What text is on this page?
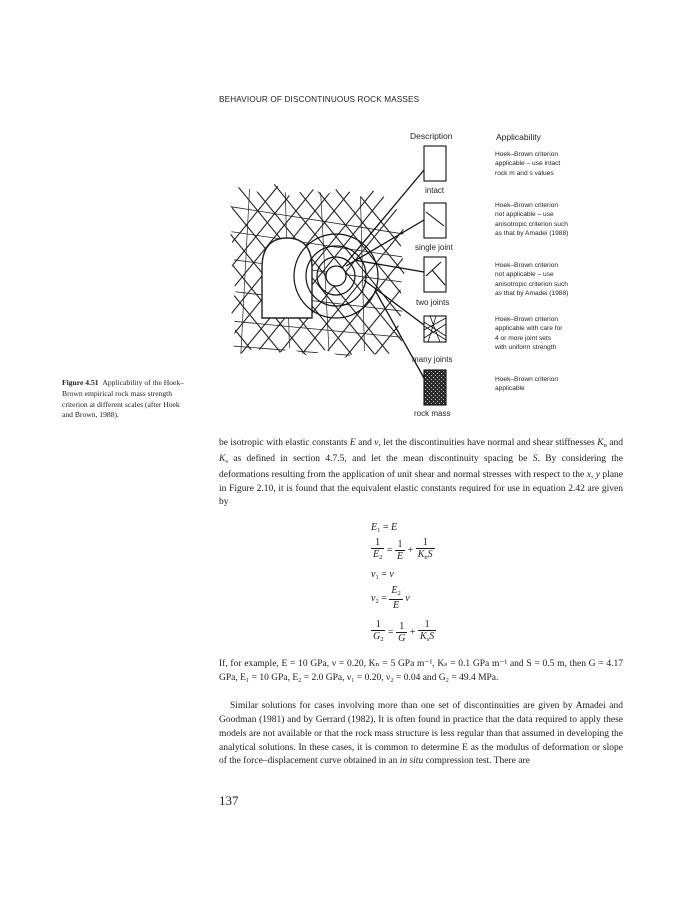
BEHAVIOUR OF DISCONTINUOUS ROCK MASSES
Description	Applicability
intact
single joint
two joints
many joints
rock mass
Hoek–Brown criterion
applicable – use intact
rock m and s values
Hoek–Brown criterion
not applicable – use
anisotropic criterion such
as that by Amadei (1988)
Hoek–Brown criterion
not applicable – use
anisotropic criterion such
as that by Amadei (1988)
Hoek–Brown criterion
applicable with care for
4 or more joint sets
with uniform strength
Hoek–Brown criterion
applicable
Figure 4.51 Applicability of the Hoek–Brown empirical rock mass strength criterion at different scales (after Hoek and Brown, 1988).

be isotropic with elastic constants E and ν, let the discontinuities have normal and shear stiffnesses $K_n$ and $K_s$ as defined in section 4.7.5, and let the mean discontinuity spacing be S. By considering the deformations resulting from the application of unit shear and normal stresses with respect to the x, y plane in Figure 2.10, it is found that the equivalent elastic constants required for use in equation 2.42 are given by

$E_1 = E$
$\frac{1}{E_2} = \frac{1}{E} + \frac{1}{K_nS}$
$\nu_1 = \nu$
$\nu_2 = \frac{E_2}{E}$ ν
$\frac{1}{G_2} = \frac{1}{G} + \frac{1}{K_sS}$

If, for example, E = 10 GPa, ν = 0.20, Kₙ = 5 GPa m⁻¹, Kₛ = 0.1 GPa m⁻¹ and S = 0.5 m, then G = 4.17 GPa, E₁ = 10 GPa, E₂ = 2.0 GPa, ν₁ = 0.20, ν₂ = 0.04 and G₂ = 49.4 MPa.

Similar solutions for cases involving more than one set of discontinuities are given by Amadei and Goodman (1981) and by Gerrard (1982). It is often found in practice that the data required to apply these models are not available or that the rock mass structure is less regular than that assumed in developing the analytical solutions. In these cases, it is common to determine E as the modulus of deformation or slope of the force–displacement curve obtained in an in situ compression test. There are

137
